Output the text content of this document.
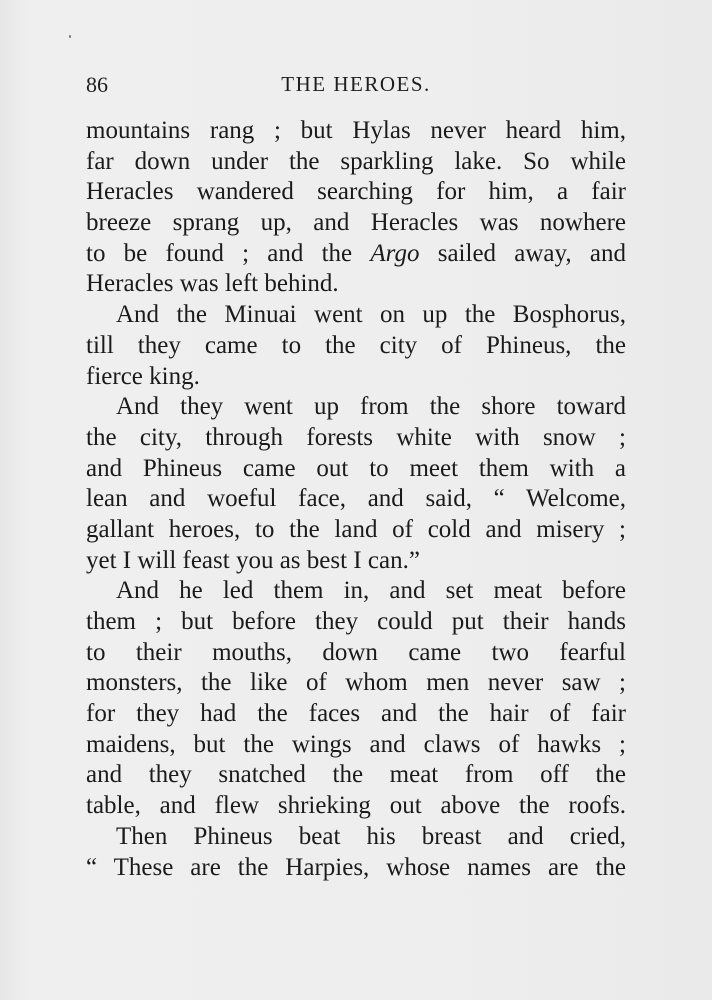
86	THE HEROES.
mountains rang ; but Hylas never heard him,
far down under the sparkling lake. So while
Heracles wandered searching for him, a fair
breeze sprang up, and Heracles was nowhere
to be found ; and the Argo sailed away, and
Heracles was left behind.
And the Minuai went on up the Bosphorus,
till they came to the city of Phineus, the
fierce king.
And they went up from the shore toward
the city, through forests white with snow ;
and Phineus came out to meet them with a
lean and woeful face, and said, “ Welcome,
gallant heroes, to the land of cold and misery ;
yet I will feast you as best I can.”
And he led them in, and set meat before
them ; but before they could put their hands
to their mouths, down came two fearful
monsters, the like of whom men never saw ;
for they had the faces and the hair of fair
maidens, but the wings and claws of hawks ;
and they snatched the meat from off the
table, and flew shrieking out above the roofs.
Then Phineus beat his breast and cried,
“ These are the Harpies, whose names are the
